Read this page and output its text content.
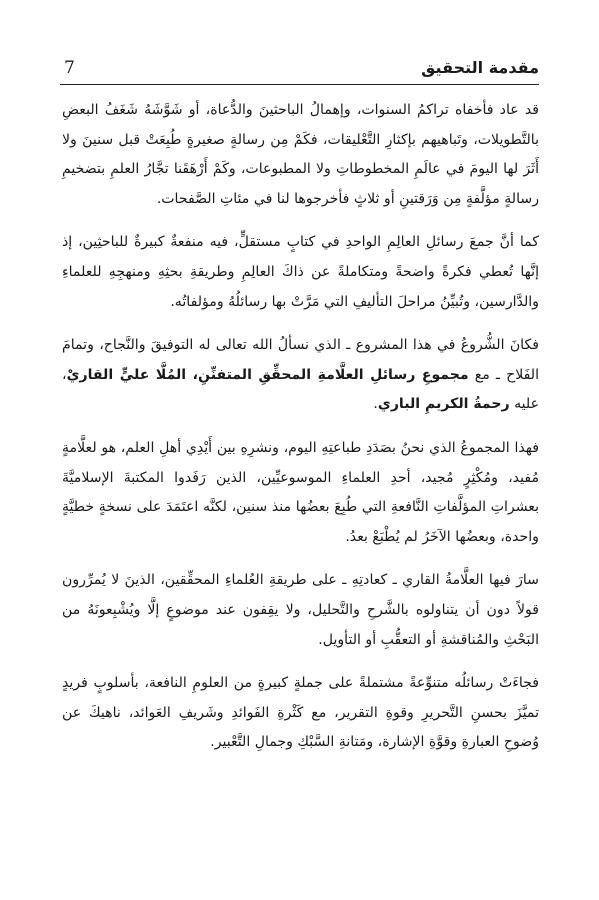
مقدمة التحقيق
7

قد عاد فأخفاه تراكمُ السنوات، وإهمالُ الباحثينَ والدُّعاة، أو شَوَّشَهُ شَغَفُ البعضِ بالتَّطويلات، وتَباهيهم بإكثارِ التَّعْليقات، فكَمْ مِن رسالةٍ صغيرةٍ طُبِعَتْ قبل سنينَ ولا أَثَرَ لها اليومَ في عالَمِ المخطوطاتِ ولا المطبوعات، وكَمْ أَرْهَقَنا تجَّارُ العلمِ بتضخيمِ رسالةٍ مؤلَّفةٍ مِن وَرَقتينِ أو ثلاثٍ فأخرجوها لنا في مئاتِ الصَّفحات.

كما أنَّ جمعَ رسائلِ العالِمِ الواحدِ في كتابٍ مستقلٍّ، فيه منفعةٌ كبيرةٌ للباحثِين، إذ إنَّها تُعطي فكرةً واضحةً ومتكاملةً عن ذاكَ العالِمِ وطريقةِ بحثِهِ ومنهجِهِ للعلماءِ والدَّارسين، وتُبيِّنُ مراحلَ التأليفِ التي مَرَّتْ بها رسائلُهُ ومؤلفاتُه.

فكانَ الشُّروعُ في هذا المشروع ـ الذي نسألُ الله تعالى له التوفيقَ والنَّجاح، وتمامَ الفَلاح ـ مع مجموعِ رسائلِ العلَّامةِ المحقِّقِ المتفنِّنِ، المُلَّا عليٍّ القاريْ، عليه رحمةُ الكريمِ الباري.

فهذا المجموعُ الذي نحنُ بصَدَدِ طباعتِهِ اليوم، ونشرِهِ بين أَيْدِي أهلِ العلم، هو لعلَّامةٍ مُفيد، ومُكْثِرٍ مُجيد، أحدِ العلماءِ الموسوعيِّين، الذين رَفَدوا المكتبةَ الإسلاميَّةَ بعشراتِ المؤلَّفاتِ النَّافعةِ التي طُبِعَ بعضُها منذ سنين، لكنَّه اعتَمَدَ على نسخةٍ خطيَّةٍ واحدة، وبعضُها الآخَرُ لم يُطْبَعْ بعدُ.

سارَ فيها العلَّامةُ القاري ـ كعادتِهِ ـ على طريقةِ العُلماءِ المحقِّقين، الذينَ لا يُمرِّرون قولاً دون أن يتناولوه بالشَّرحِ والتَّحليل، ولا يقِفون عند موضوعٍ إلَّا ويُشْبِعونَهُ من البَحْثِ والمُناقشةِ أو التعقُّبِ أو التأويل.

فجاءَتْ رسائلُه متنوِّعةً مشتملةً على جملةٍ كبيرةٍ من العلومِ النافعة، بأسلوبٍ فريدٍ تميَّزَ بحسنِ التَّحريرِ وقوةِ التقرير، مع كَثْرةِ الفَوائدِ وشَريفِ العَوائد، ناهيكَ عن وُضوحِ العبارةِ وقوَّةِ الإشارة، ومَتانةِ السَّبْكِ وجمالِ التَّعْبير.
